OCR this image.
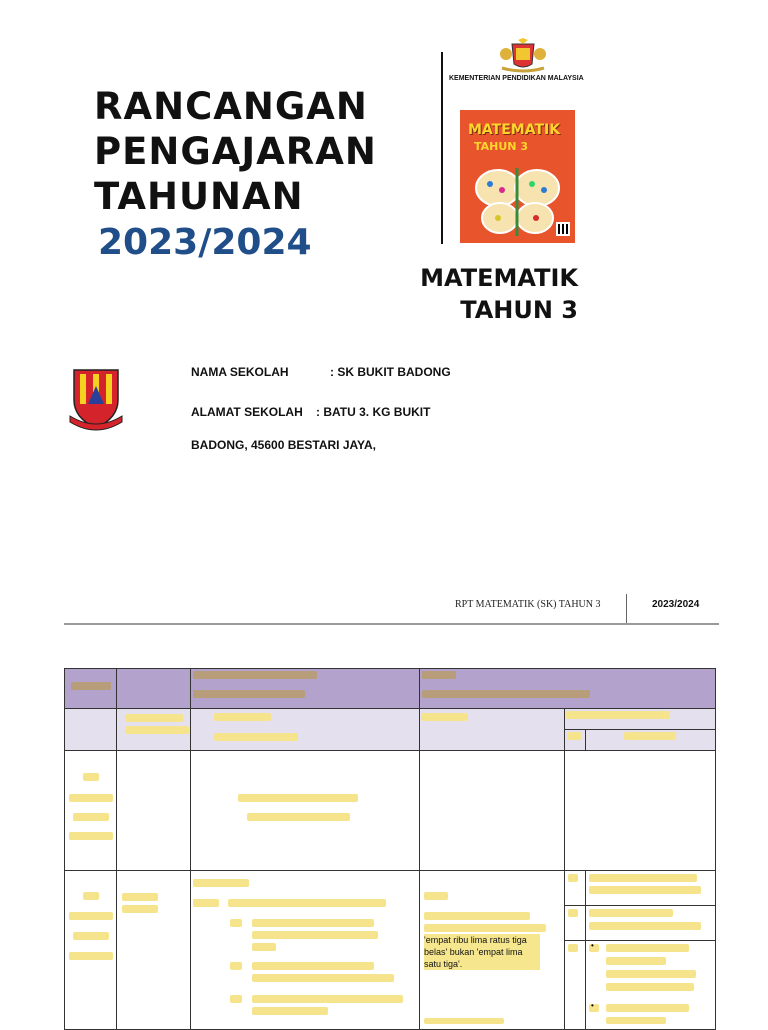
RANCANGAN
PENGAJARAN
TAHUNAN
2023/2024
KEMENTERIAN PENDIDIKAN MALAYSIA
MATEMATIK
TAHUN 3
MATEMATIK
TAHUN 3
NAMA SEKOLAH	: SK BUKIT BADONG
ALAMAT SEKOLAH : BATU 3. KG BUKIT
BADONG, 45600 BESTARI JAYA,
RPT MATEMATIK (SK) TAHUN 3	2023/2024
'empat ribu lima ratus tiga belas' bukan 'empat lima satu tiga'.
•
•
